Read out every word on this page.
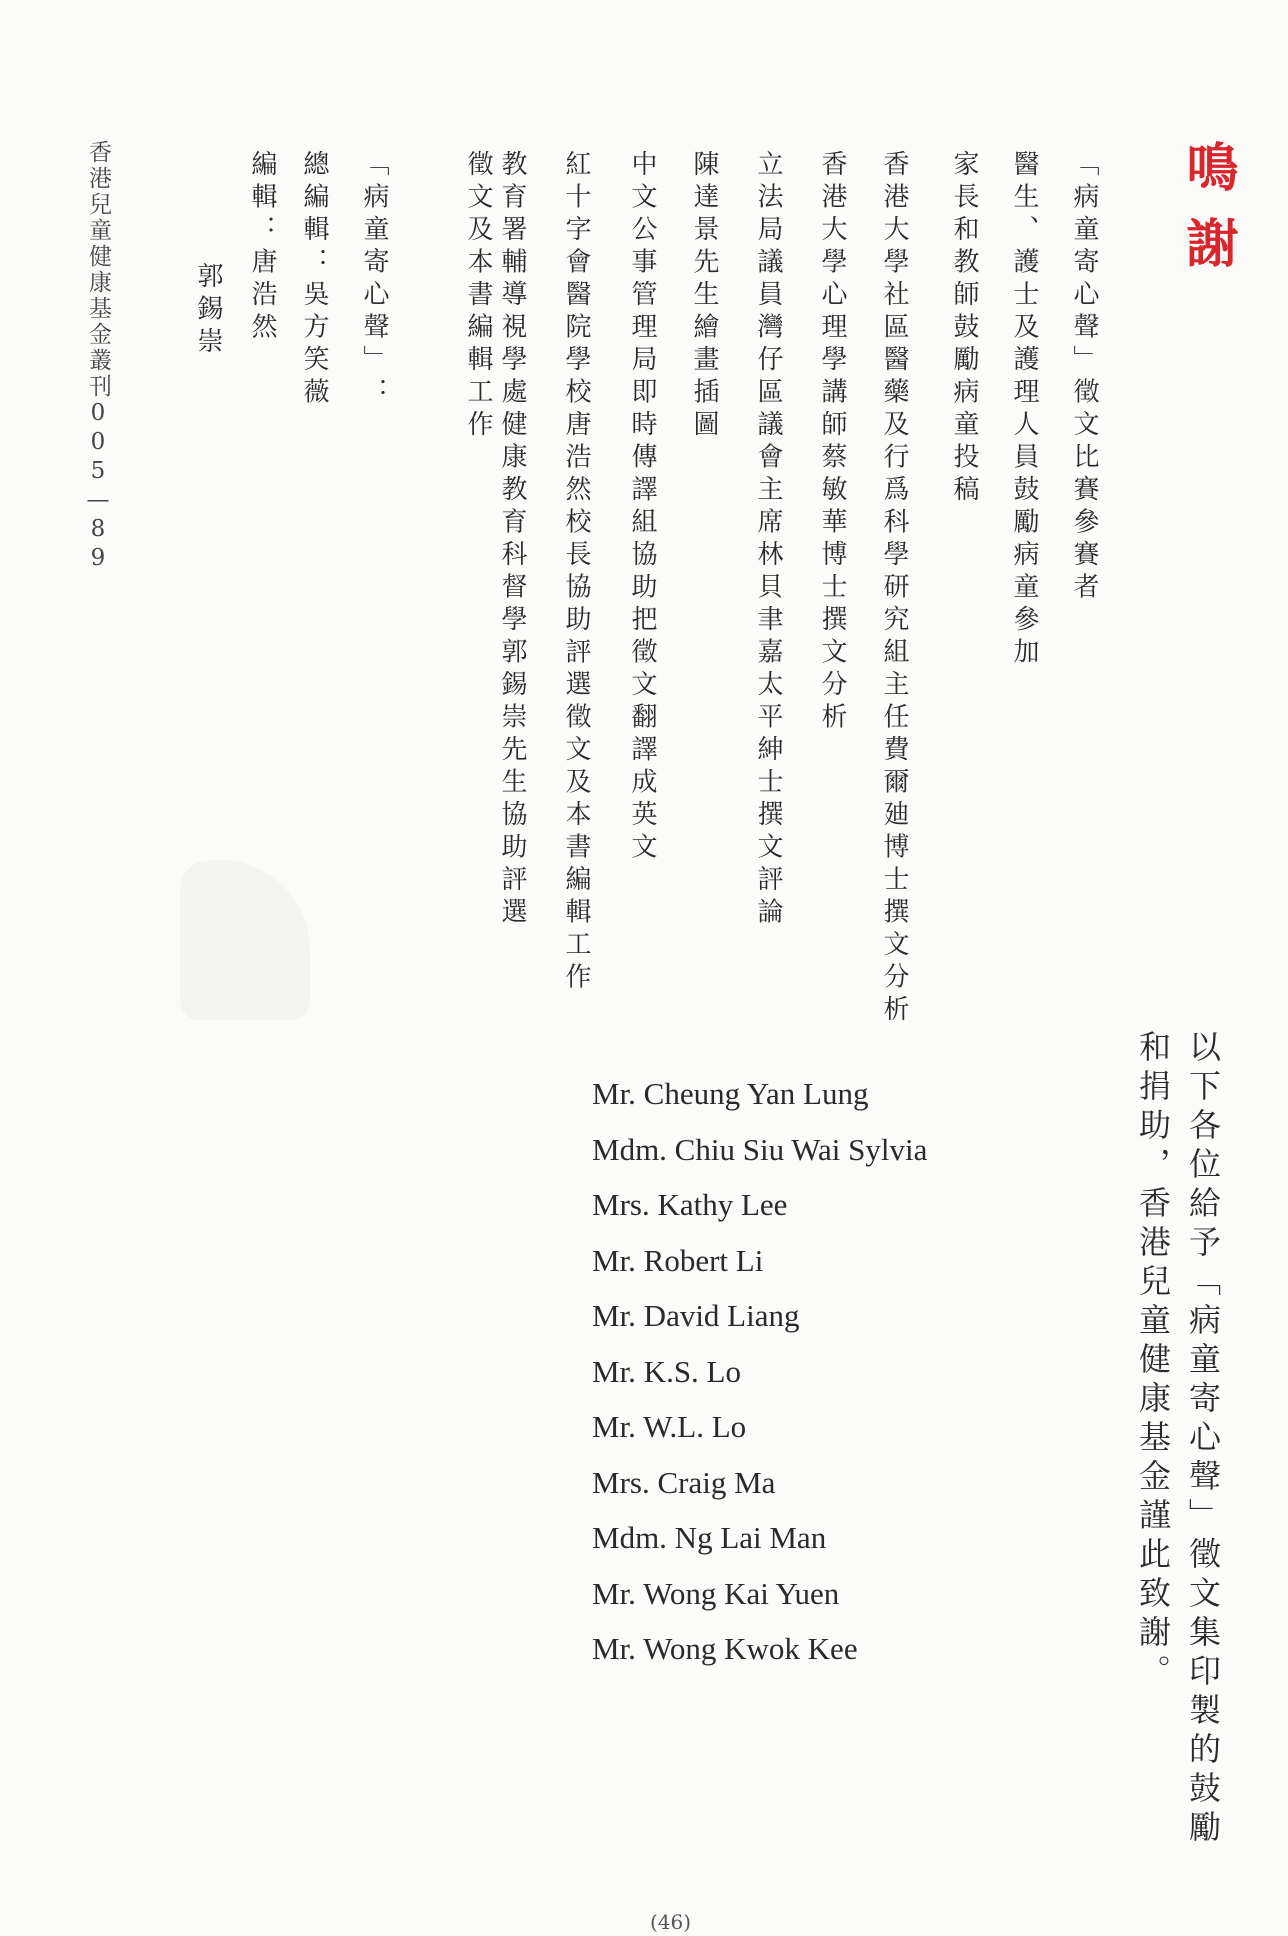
鳴謝
「病童寄心聲」徵文比賽參賽者
醫生、護士及護理人員鼓勵病童參加
家長和教師鼓勵病童投稿
香港大學社區醫藥及行爲科學研究組主任費爾廸博士撰文分析
香港大學心理學講師蔡敏華博士撰文分析
立法局議員灣仔區議會主席林貝聿嘉太平紳士撰文評論
陳達景先生繪畫插圖
中文公事管理局即時傳譯組協助把徵文翻譯成英文
紅十字會醫院學校唐浩然校長協助評選徵文及本書編輯工作
教育署輔導視學處健康教育科督學郭錫崇先生協助評選
徵文及本書編輯工作
「病童寄心聲」：
總編輯：吳方笑薇
編輯：唐浩然
郭錫崇
香港兒童健康基金叢刊005—89
以下各位給予「病童寄心聲」徵文集印製的鼓勵
和捐助，香港兒童健康基金謹此致謝。
Mr. Cheung Yan Lung
Mdm. Chiu Siu Wai Sylvia
Mrs. Kathy Lee
Mr. Robert Li
Mr. David Liang
Mr. K.S. Lo
Mr. W.L. Lo
Mrs. Craig Ma
Mdm. Ng Lai Man
Mr. Wong Kai Yuen
Mr. Wong Kwok Kee
(46)
